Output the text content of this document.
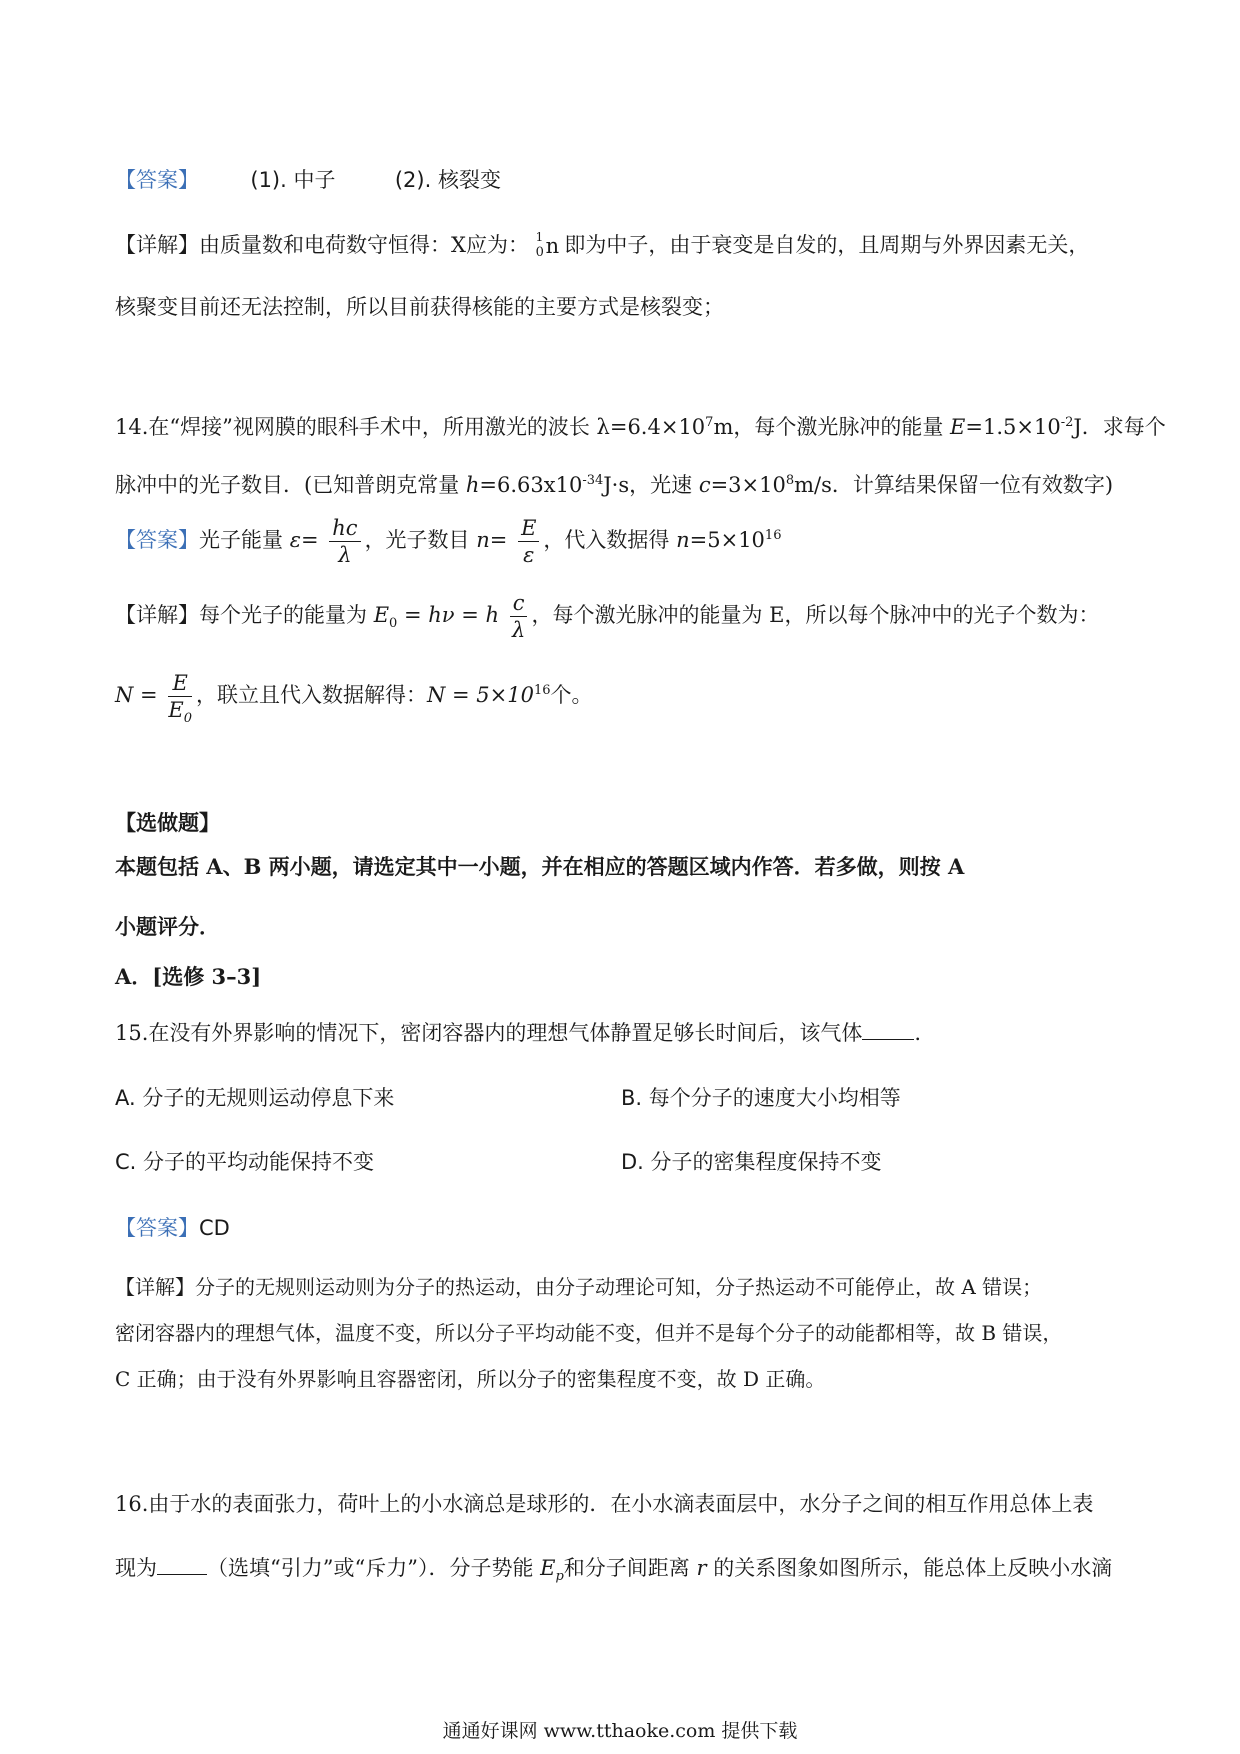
【答案】 (1). 中子	(2). 核裂变
【详解】由质量数和电荷数守恒得：X应为： 1
0 n
即为中子，由于衰变是自发的，且周期与外界因素无关，
核聚变目前还无法控制，所以目前获得核能的主要方式是核裂变；
14.在“焊接”视网膜的眼科手术中，所用激光的波长 $\lambda=6.4\times 10^7m$，每个激光脉冲的能量 $E=1.5\times 10^{-2}J$．求每个
脉冲中的光子数目．(已知普朗克常量 $h=6.63x10^{-34}J\cdot s$，光速 $c=3\times 10^8m/s$．计算结果保留一位有效数字)
【答案】光子能量 $\varepsilon= \frac{hc}{\lambda}$ ，光子数目 $n= \frac{E}{\varepsilon}$ ，代入数据得 $n=5\times 10^{16}$
【详解】每个光子的能量为 $E_0 = h\nu = h \frac{c}{\lambda}$ ，每个激光脉冲的能量为 E，所以每个脉冲中的光子个数为：
$N = \frac{E}{E_0}$ ，联立且代入数据解得：$N = 5\times 10^{16}$个。
【选做题】
本题包括 A、B 两小题，请选定其中一小题，并在相应的答题区域内作答．若多做，则按 A
小题评分．
A．[选修 3–3]
15.在没有外界影响的情况下，密闭容器内的理想气体静置足够长时间后，该气体 .
A. 分子的无规则运动停息下来	B. 每个分子的速度大小均相等
C. 分子的平均动能保持不变	D. 分子的密集程度保持不变
【答案】CD
【详解】分子的无规则运动则为分子的热运动，由分子动理论可知，分子热运动不可能停止，故 A 错误；
密闭容器内的理想气体，温度不变，所以分子平均动能不变，但并不是每个分子的动能都相等，故 B 错误，
C 正确；由于没有外界影响且容器密闭，所以分子的密集程度不变，故 D 正确。
16.由于水的表面张力，荷叶上的小水滴总是球形的．在小水滴表面层中，水分子之间的相互作用总体上表
现为 （选填“引力”或“斥力”）．分子势能 $E_p$和分子间距离 r 的关系图象如图所示，能总体上反映小水滴
通通好课网 www.tthaoke.com 提供下载
